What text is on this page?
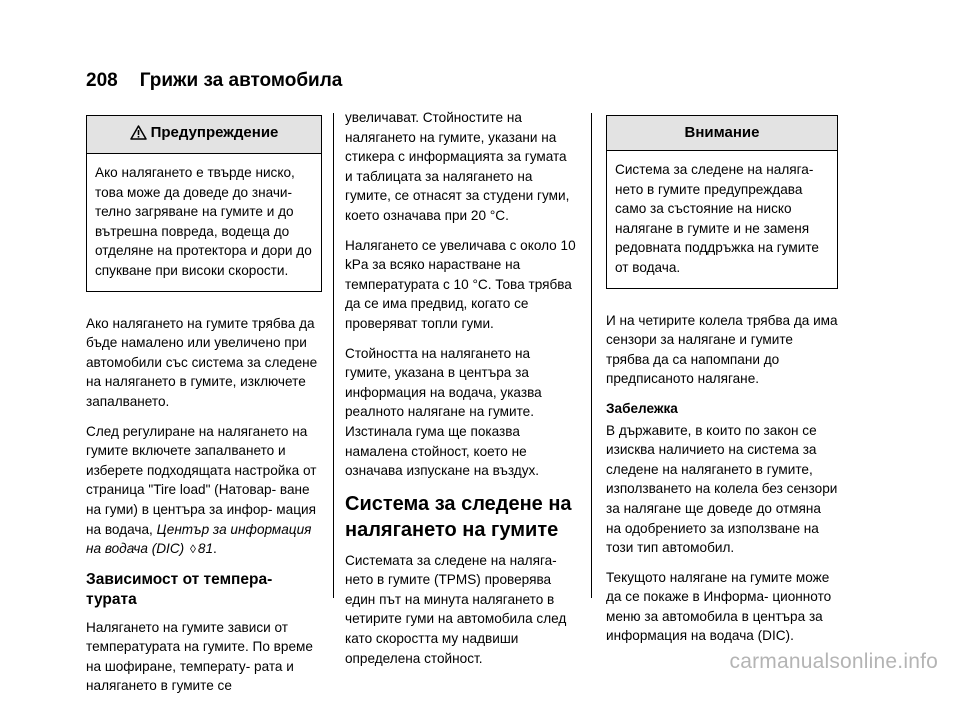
208 Грижи за автомобила
Предупреждение
Ако налягането е твърде ниско, това може да доведе до значи- телно загряване на гумите и до вътрешна повреда, водеща до отделяне на протектора и дори до спукване при високи скорости.

Ако налягането на гумите трябва да бъде намалено или увеличено при автомобили със система за следене на налягането в гумите, изключете запалването.

След регулиране на налягането на гумите включете запалването и изберете подходящата настройка от страница "Tire load" (Натовар- ване на гуми) в центъра за инфор- мация на водача, Център за информация на водача (DIC) ◊ 81.

Зависимост от темпера- турата

Налягането на гумите зависи от температурата на гумите. По време на шофиране, температу- рата и налягането в гумите се

увеличават. Стойностите на налягането на гумите, указани на стикера с информацията за гумата и таблицата за налягането на гумите, се отнасят за студени гуми, което означава при 20 °C.

Налягането се увеличава с около 10 kPa за всяко нарастване на температурата с 10 °C. Това трябва да се има предвид, когато се проверяват топли гуми.

Стойността на налягането на гумите, указана в центъра за информация на водача, указва реалното налягане на гумите. Изстинала гума ще показва намалена стойност, което не означава изпускане на въздух.

Система за следене на налягането на гумите

Системата за следене на наляга- нето в гумите (TPMS) проверява един път на минута налягането в четирите гуми на автомобила след като скоростта му надвиши определена стойност.

Внимание
Система за следене на наляга- нето в гумите предупреждава само за състояние на ниско налягане в гумите и не заменя редовната поддръжка на гумите от водача.

И на четирите колела трябва да има сензори за налягане и гумите трябва да са напомпани до предписаното налягане.

Забележка

В държавите, в които по закон се изисква наличието на система за следене на налягането в гумите, използването на колела без сензори за налягане ще доведе до отмяна на одобрението за използване на този тип автомобил.

Текущото налягане на гумите може да се покаже в Информа- ционното меню за автомобила в центъра за информация на водача (DIC).

carmanualsonline.info
